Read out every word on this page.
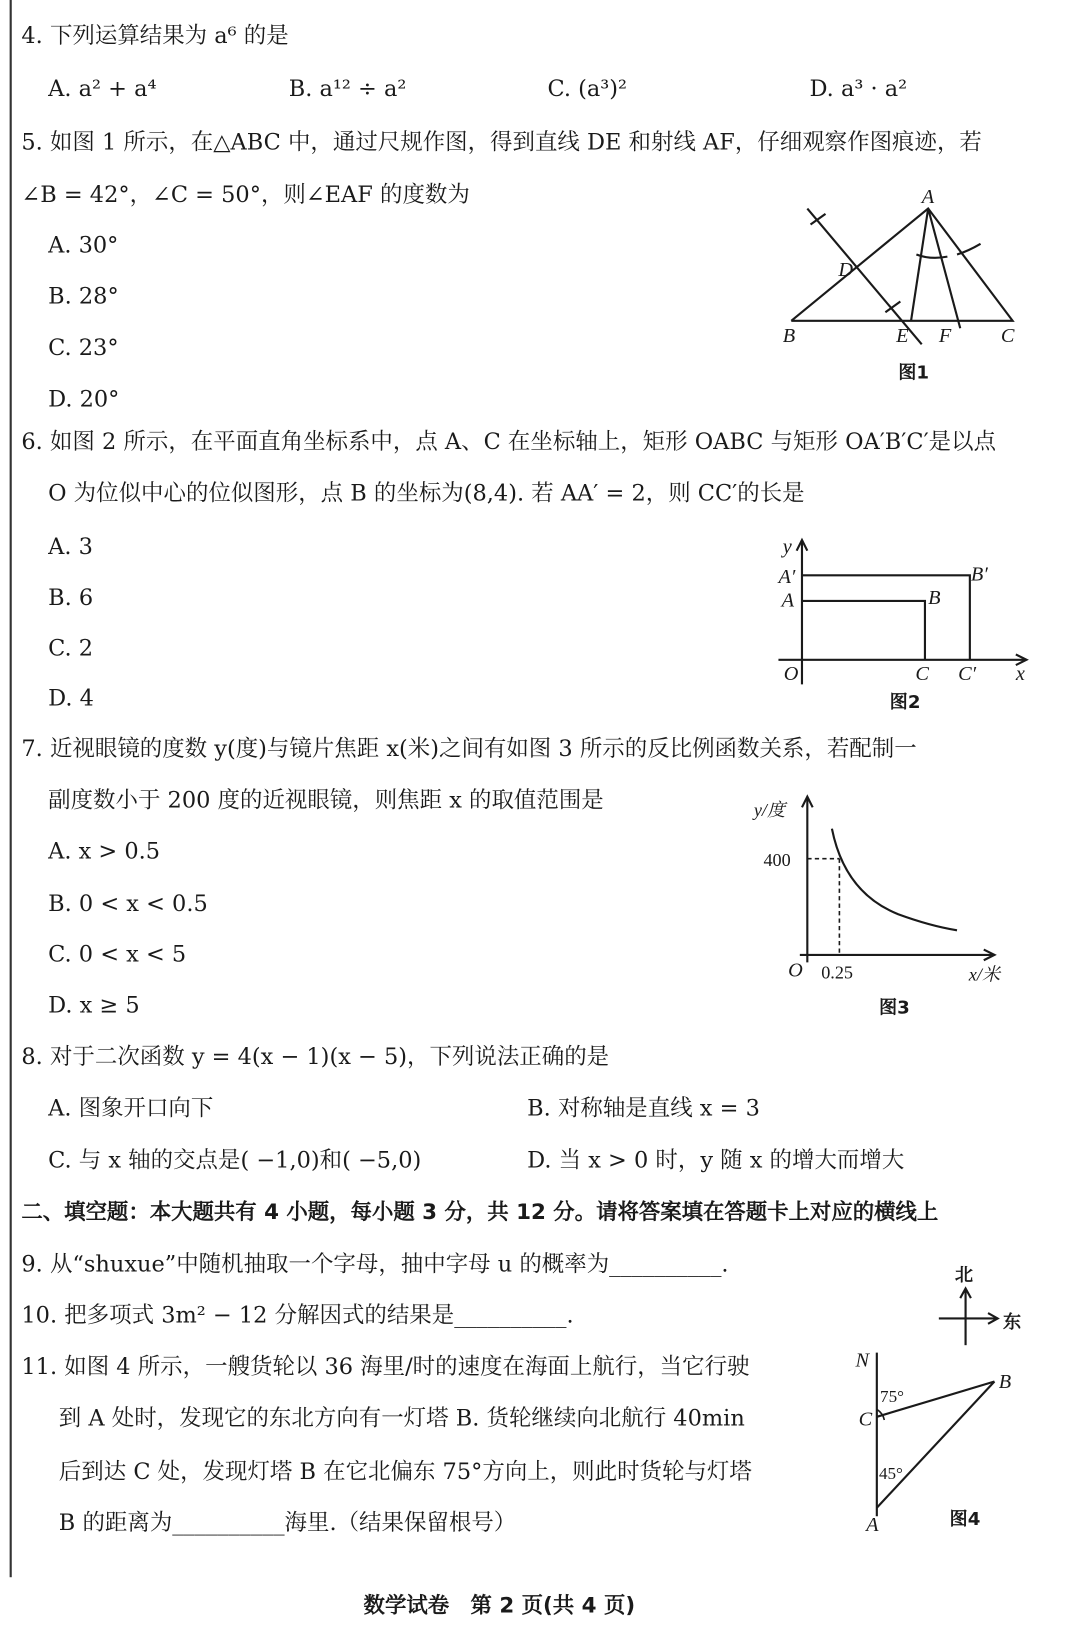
4. 下列运算结果为 a⁶ 的是
A. a² + a⁴	B. a¹² ÷ a²	C. (a³)²	D. a³ · a²
5. 如图 1 所示，在△ABC 中，通过尺规作图，得到直线 DE 和射线 AF，仔细观察作图痕迹，若
∠B = 42°，∠C = 50°，则∠EAF 的度数为
A. 30°
B. 28°
C. 23°
D. 20°
6. 如图 2 所示，在平面直角坐标系中，点 A、C 在坐标轴上，矩形 OABC 与矩形 OA′B′C′是以点
O 为位似中心的位似图形，点 B 的坐标为(8,4). 若 AA′ = 2，则 CC′的长是
A. 3
B. 6
C. 2
D. 4
7. 近视眼镜的度数 y(度)与镜片焦距 x(米)之间有如图 3 所示的反比例函数关系，若配制一
副度数小于 200 度的近视眼镜，则焦距 x 的取值范围是
A. x > 0.5
B. 0 < x < 0.5
C. 0 < x < 5
D. x ≥ 5
8. 对于二次函数 y = 4(x − 1)(x − 5)，下列说法正确的是
A. 图象开口向下	B. 对称轴是直线 x = 3
C. 与 x 轴的交点是( −1,0)和( −5,0)	D. 当 x > 0 时，y 随 x 的增大而增大
二、填空题：本大题共有 4 小题，每小题 3 分，共 12 分。请将答案填在答题卡上对应的横线上
9. 从“shuxue”中随机抽取一个字母，抽中字母 u 的概率为__________.
10. 把多项式 3m² − 12 分解因式的结果是__________.
11. 如图 4 所示，一艘货轮以 36 海里/时的速度在海面上航行，当它行驶
到 A 处时，发现它的东北方向有一灯塔 B. 货轮继续向北航行 40min
后到达 C 处，发现灯塔 B 在它北偏东 75°方向上，则此时货轮与灯塔
B 的距离为__________海里.（结果保留根号）
数学试卷　第 2 页(共 4 页)
D
A
B	E F	C
图1
y
A′
A	B
B′
O	C C′ x
图2
y/度
400
O 0.25	x/米
图3
北
东
N
C
B
A
75°
45°
图4
